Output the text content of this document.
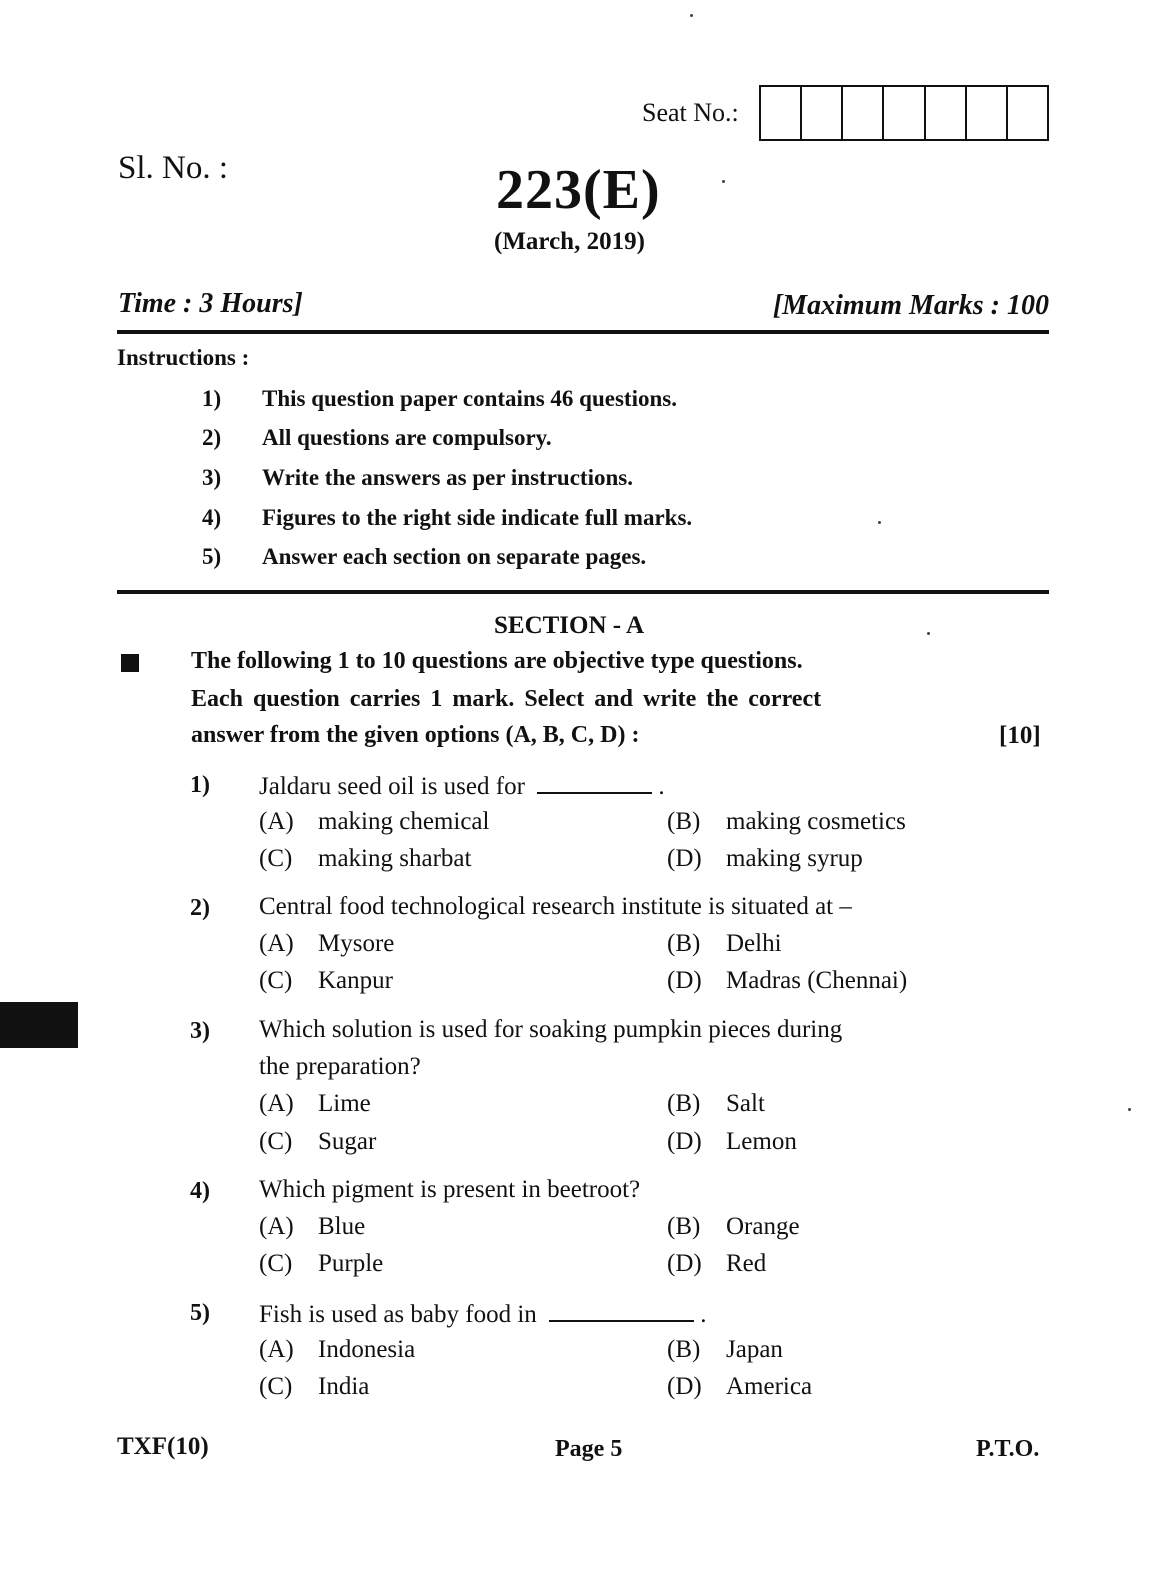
Seat No.:
Sl. No. :	223(E)
(March, 2019)
Time : 3 Hours]	[Maximum Marks : 100
Instructions :
1)	This question paper contains 46 questions.
2)	All questions are compulsory.
3)	Write the answers as per instructions.
4)	Figures to the right side indicate full marks.
5)	Answer each section on separate pages.
SECTION - A
The following 1 to 10 questions are objective type questions.
Each question carries 1 mark. Select and write the correct
answer from the given options (A, B, C, D) :	[10]
1) Jaldaru seed oil is used for	.
(A) making chemical	(B)	making cosmetics
(C)	making sharbat	(D) making syrup
2) Central food technological research institute is situated at –
(A) Mysore	(B)	Delhi
(C)	Kanpur	(D) Madras (Chennai)
3) Which solution is used for soaking pumpkin pieces during
the preparation?
(A) Lime	(B)	Salt
(C)	Sugar	(D) Lemon
4) Which pigment is present in beetroot?
(A) Blue	(B)	Orange
(C)	Purple	(D) Red
5) Fish is used as baby food in	.
(A) Indonesia	(B)	Japan
(C)	India	(D) America
TXF(10)	Page 5	P.T.O.
